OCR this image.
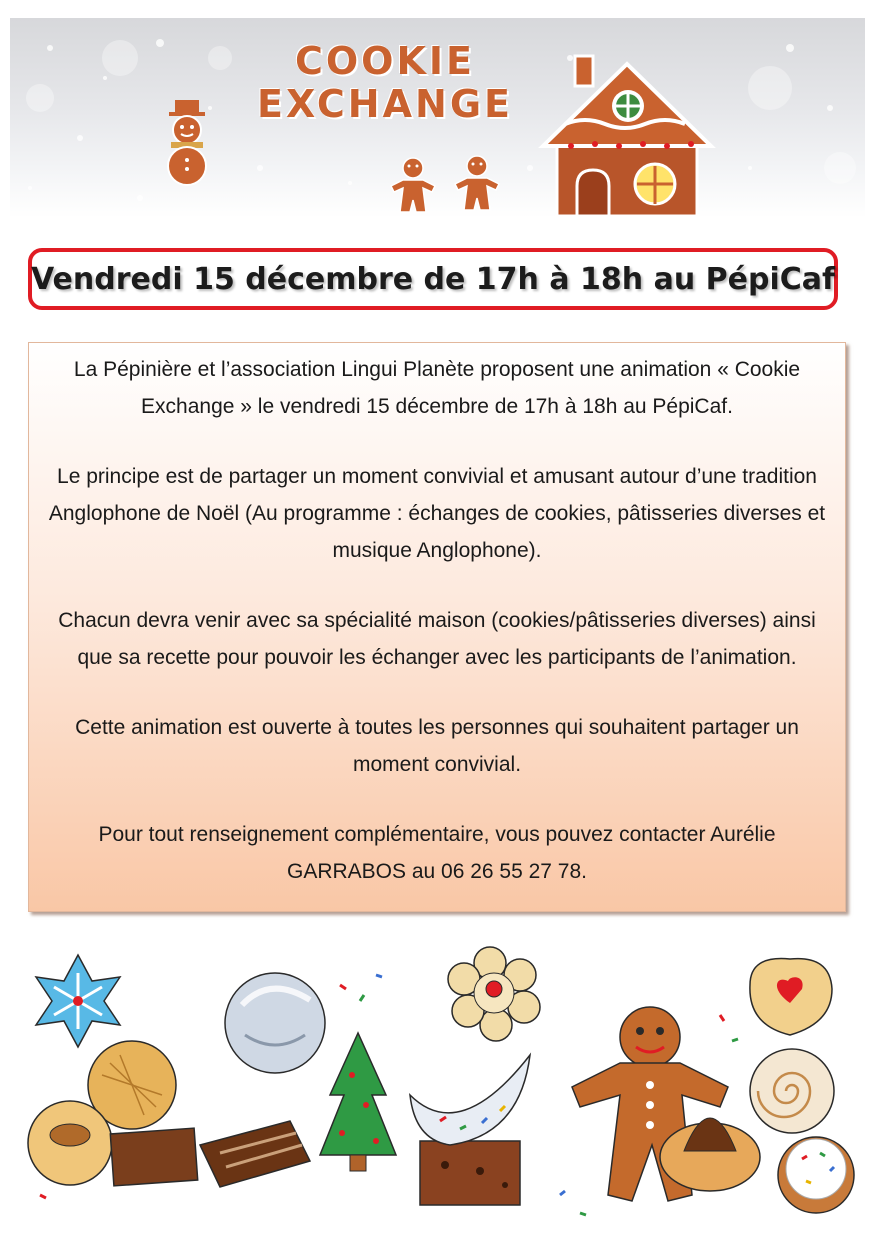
COOKIE
EXCHANGE
Vendredi 15 décembre de 17h à 18h au PépiCaf

La Pépinière et l’association Lingui Planète proposent une animation « Cookie Exchange » le vendredi 15 décembre de 17h à 18h au PépiCaf.

Le principe est de partager un moment convivial et amusant autour d’une tradition Anglophone de Noël (Au programme : échanges de cookies, pâtisseries diverses et musique Anglophone).

Chacun devra venir avec sa spécialité maison (cookies/pâtisseries diverses) ainsi que sa recette pour pouvoir les échanger avec les participants de l’animation.

Cette animation est ouverte à toutes les personnes qui souhaitent partager un moment convivial.

Pour tout renseignement complémentaire, vous pouvez contacter Aurélie GARRABOS au 06 26 55 27 78.
